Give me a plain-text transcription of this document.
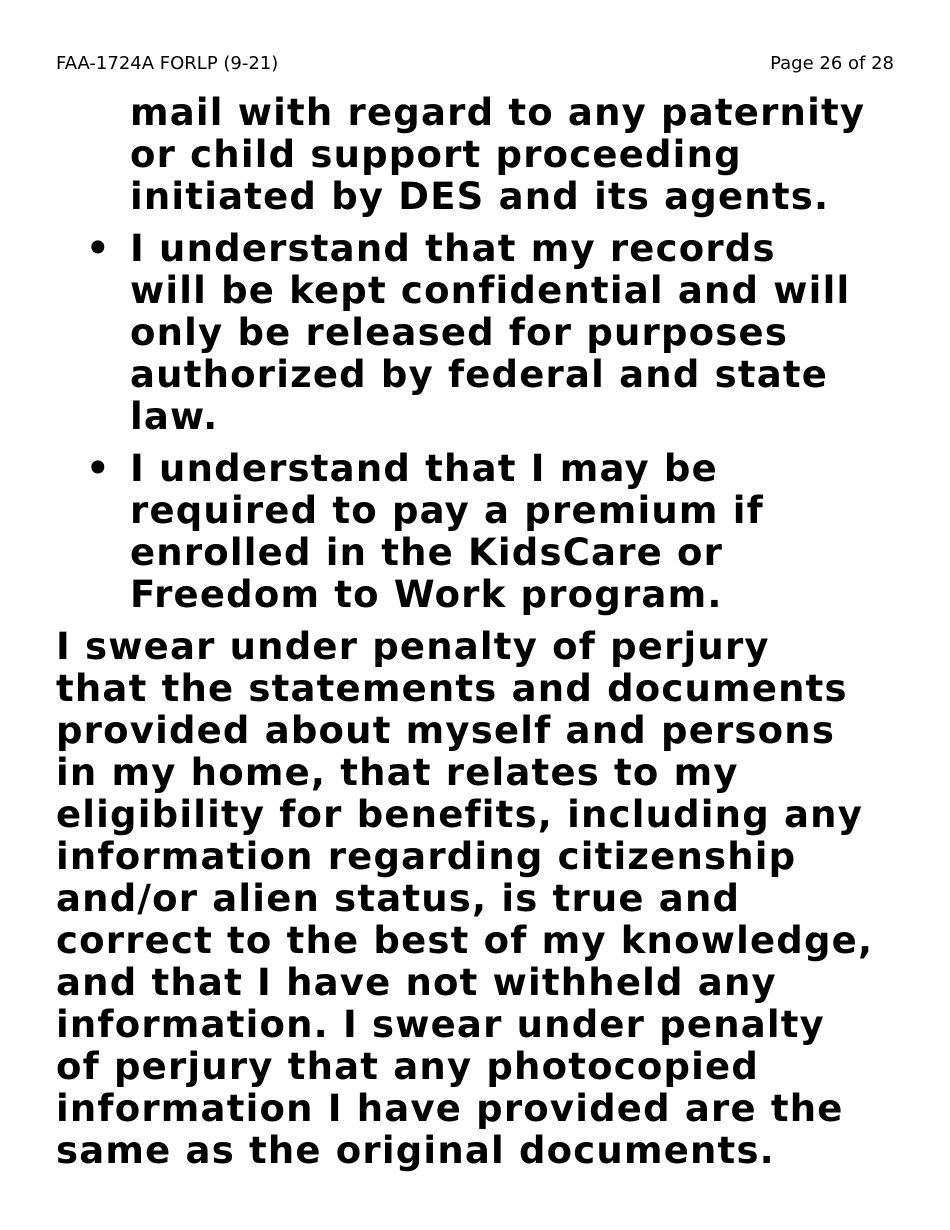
FAA-1724A FORLP (9-21)	Page 26 of 28

mail with regard to any paternity
or child support proceeding
initiated by DES and its agents.

• I understand that my records
will be kept confidential and will
only be released for purposes
authorized by federal and state
law.

• I understand that I may be
required to pay a premium if
enrolled in the KidsCare or
Freedom to Work program.

I swear under penalty of perjury
that the statements and documents
provided about myself and persons
in my home, that relates to my
eligibility for benefits, including any
information regarding citizenship
and/or alien status, is true and
correct to the best of my knowledge,
and that I have not withheld any
information. I swear under penalty
of perjury that any photocopied
information I have provided are the
same as the original documents.
